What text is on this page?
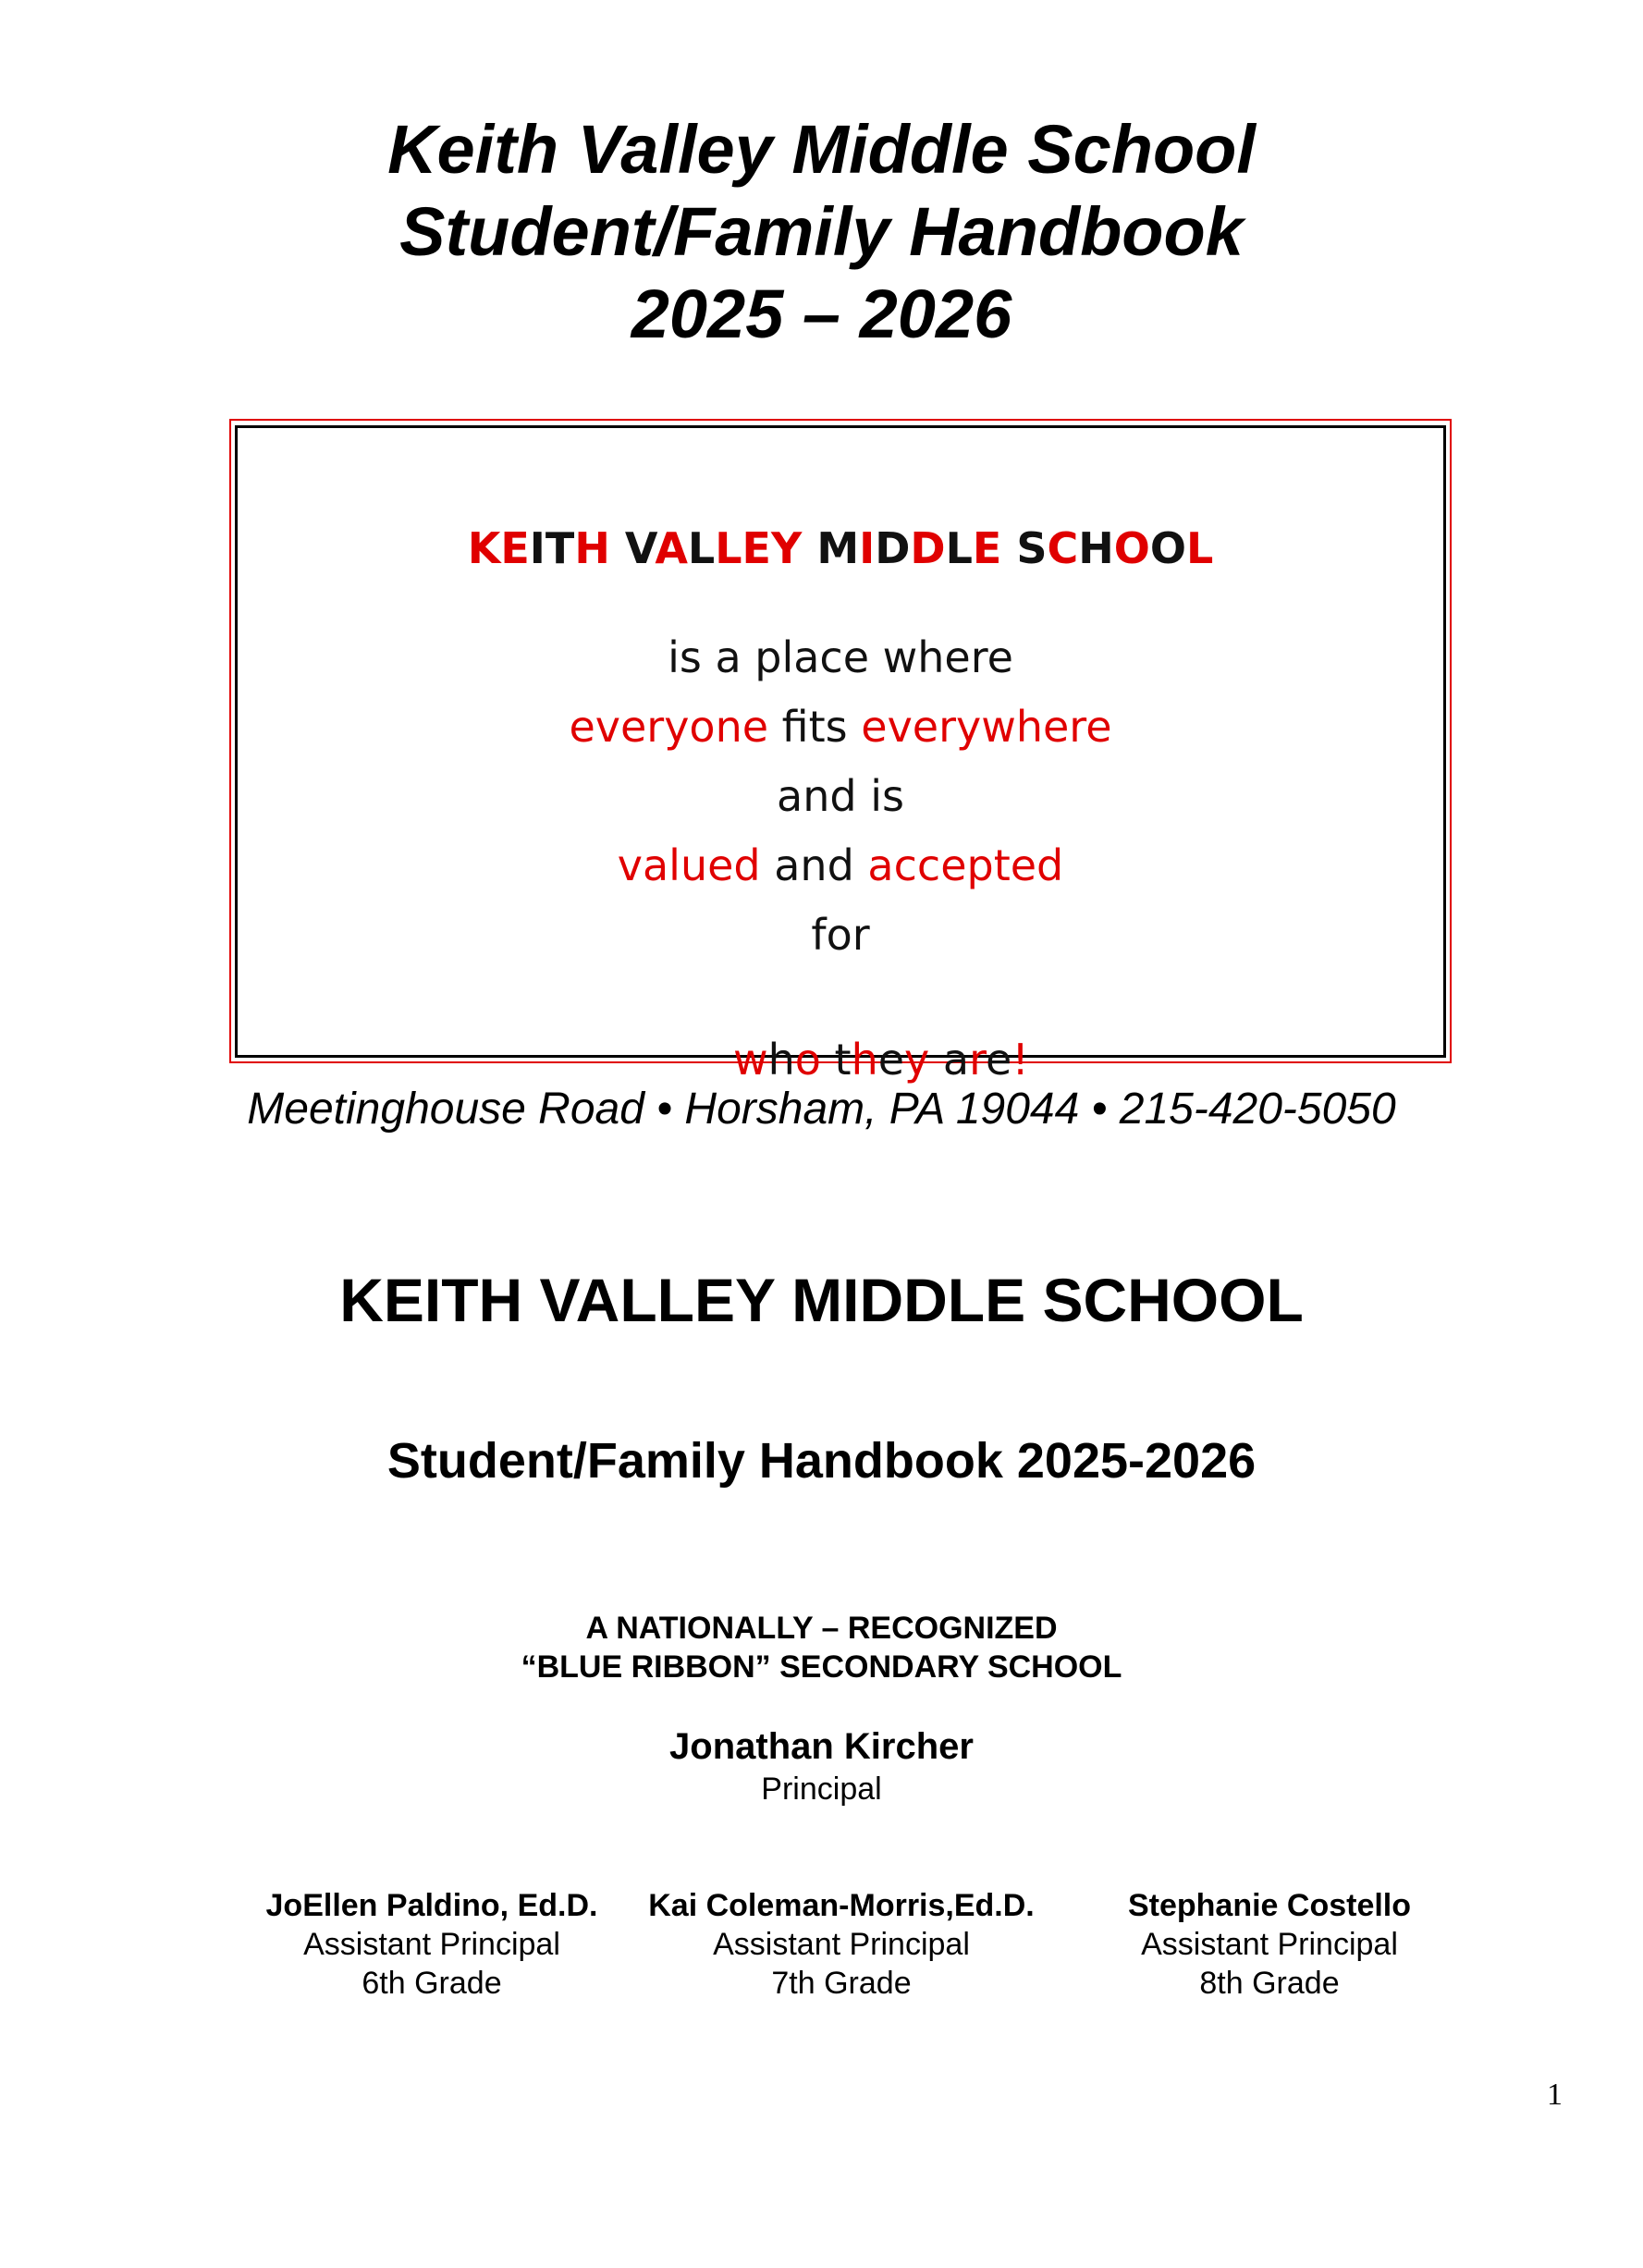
Keith Valley Middle School
Student/Family Handbook
2025 – 2026
KEITH VALLEY MIDDLE SCHOOL
is a place where
everyone fits everywhere
and is
valued and accepted
for

who they are!

Meetinghouse Road • Horsham, PA 19044 • 215-420-5050
KEITH VALLEY MIDDLE SCHOOL
Student/Family Handbook 2025-2026
A NATIONALLY – RECOGNIZED
“BLUE RIBBON” SECONDARY SCHOOL
Jonathan Kircher
Principal
JoEllen Paldino, Ed.D.
Assistant Principal
6th Grade
Kai Coleman-Morris,Ed.D.
Assistant Principal
7th Grade
Stephanie Costello
Assistant Principal
8th Grade
1
